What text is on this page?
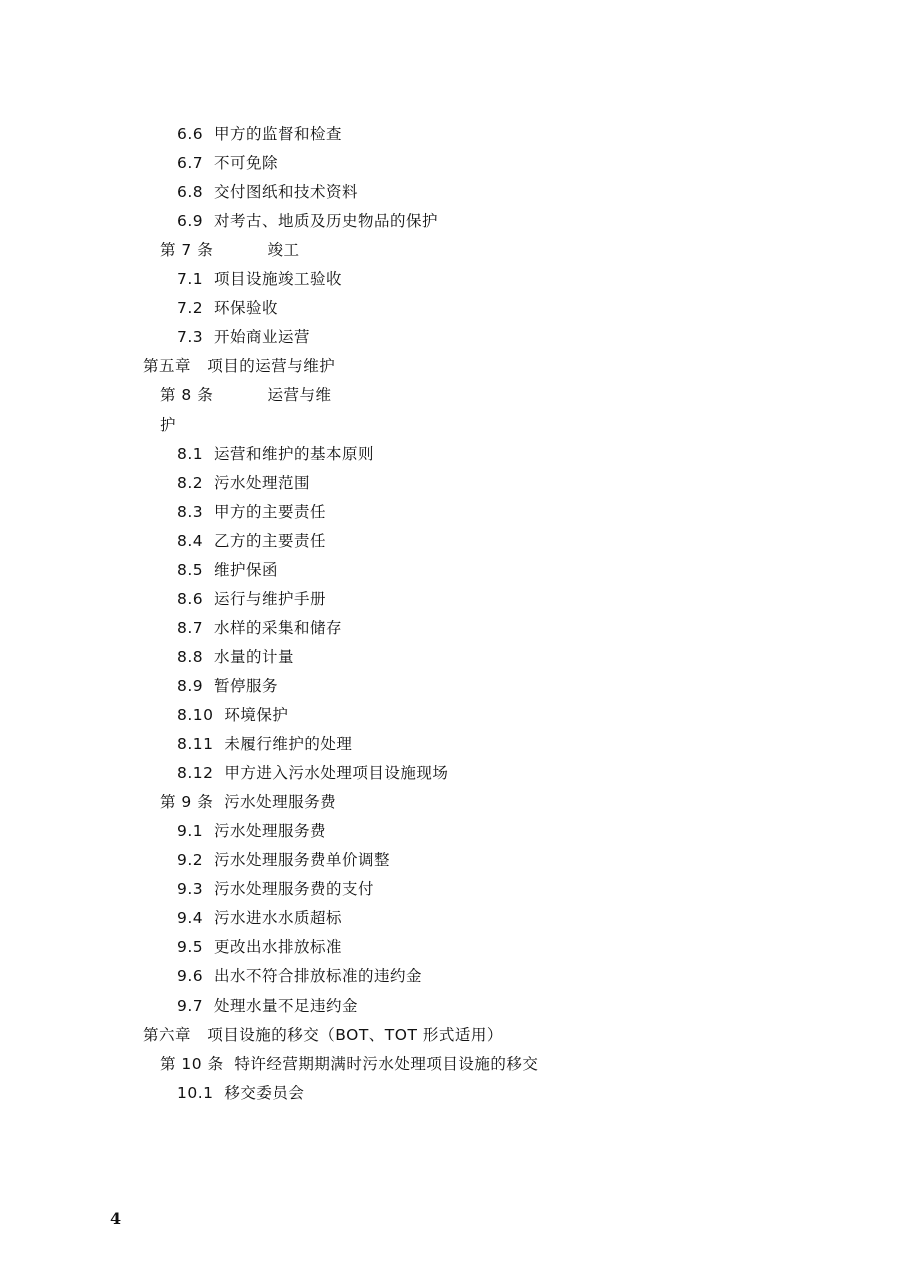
6.6  甲方的监督和检查
6.7  不可免除
6.8  交付图纸和技术资料
6.9  对考古、地质及历史物品的保护
第 7 条          竣工
7.1  项目设施竣工验收
7.2  环保验收
7.3  开始商业运营
第五章   项目的运营与维护
第 8 条          运营与维
护
8.1  运营和维护的基本原则
8.2  污水处理范围
8.3  甲方的主要责任
8.4  乙方的主要责任
8.5  维护保函
8.6  运行与维护手册
8.7  水样的采集和储存
8.8  水量的计量
8.9  暂停服务
8.10  环境保护
8.11  未履行维护的处理
8.12  甲方进入污水处理项目设施现场
第 9 条  污水处理服务费
9.1  污水处理服务费
9.2  污水处理服务费单价调整
9.3  污水处理服务费的支付
9.4  污水进水水质超标
9.5  更改出水排放标准
9.6  出水不符合排放标准的违约金
9.7  处理水量不足违约金
第六章   项目设施的移交（BOT、TOT 形式适用）
第 10 条  特许经营期期满时污水处理项目设施的移交
10.1  移交委员会
4
